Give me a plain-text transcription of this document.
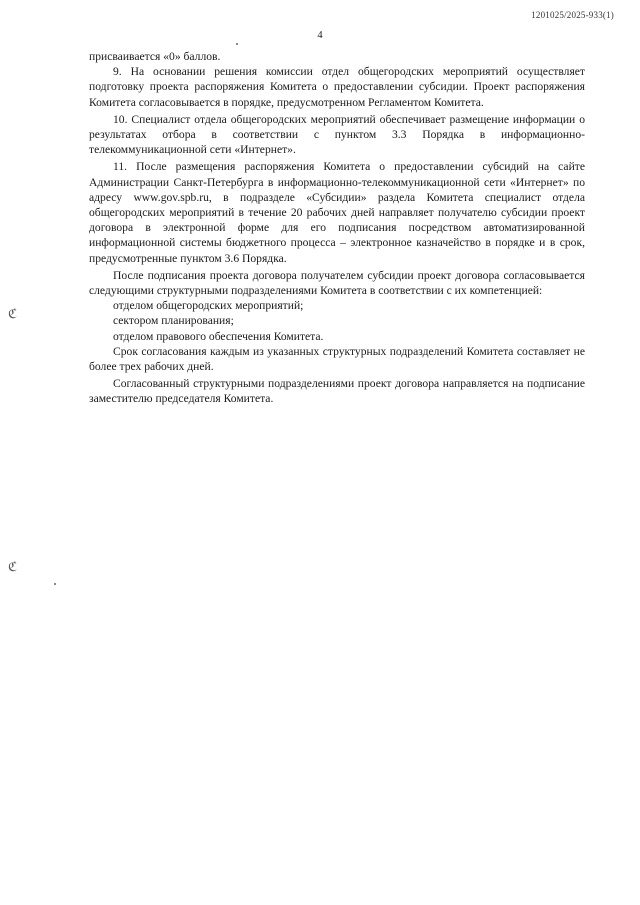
1201025/2025-933(1)
4

присваивается «0» баллов.

9. На основании решения комиссии отдел общегородских мероприятий осуществляет подготовку проекта распоряжения Комитета о предоставлении субсидии. Проект распоряжения Комитета согласовывается в порядке, предусмотренном Регламентом Комитета.

10. Специалист отдела общегородских мероприятий обеспечивает размещение информации о результатах отбора в соответствии с пунктом 3.3 Порядка в информационно-телекоммуникационной сети «Интернет».

11. После размещения распоряжения Комитета о предоставлении субсидий на сайте Администрации Санкт-Петербурга в информационно-телекоммуникационной сети «Интернет» по адресу www.gov.spb.ru, в подразделе «Субсидии» раздела Комитета специалист отдела общегородских мероприятий в течение 20 рабочих дней направляет получателю субсидии проект договора в электронной форме для его подписания посредством автоматизированной информационной системы бюджетного процесса – электронное казначейство в порядке и в срок, предусмотренные пунктом 3.6 Порядка.

После подписания проекта договора получателем субсидии проект договора согласовывается следующими структурными подразделениями Комитета в соответствии с их компетенцией:

отделом общегородских мероприятий;

сектором планирования;

отделом правового обеспечения Комитета.

Срок согласования каждым из указанных структурных подразделений Комитета составляет не более трех рабочих дней.

Согласованный структурными подразделениями проект договора направляется на подписание заместителю председателя Комитета.

ℭ
ℭ
